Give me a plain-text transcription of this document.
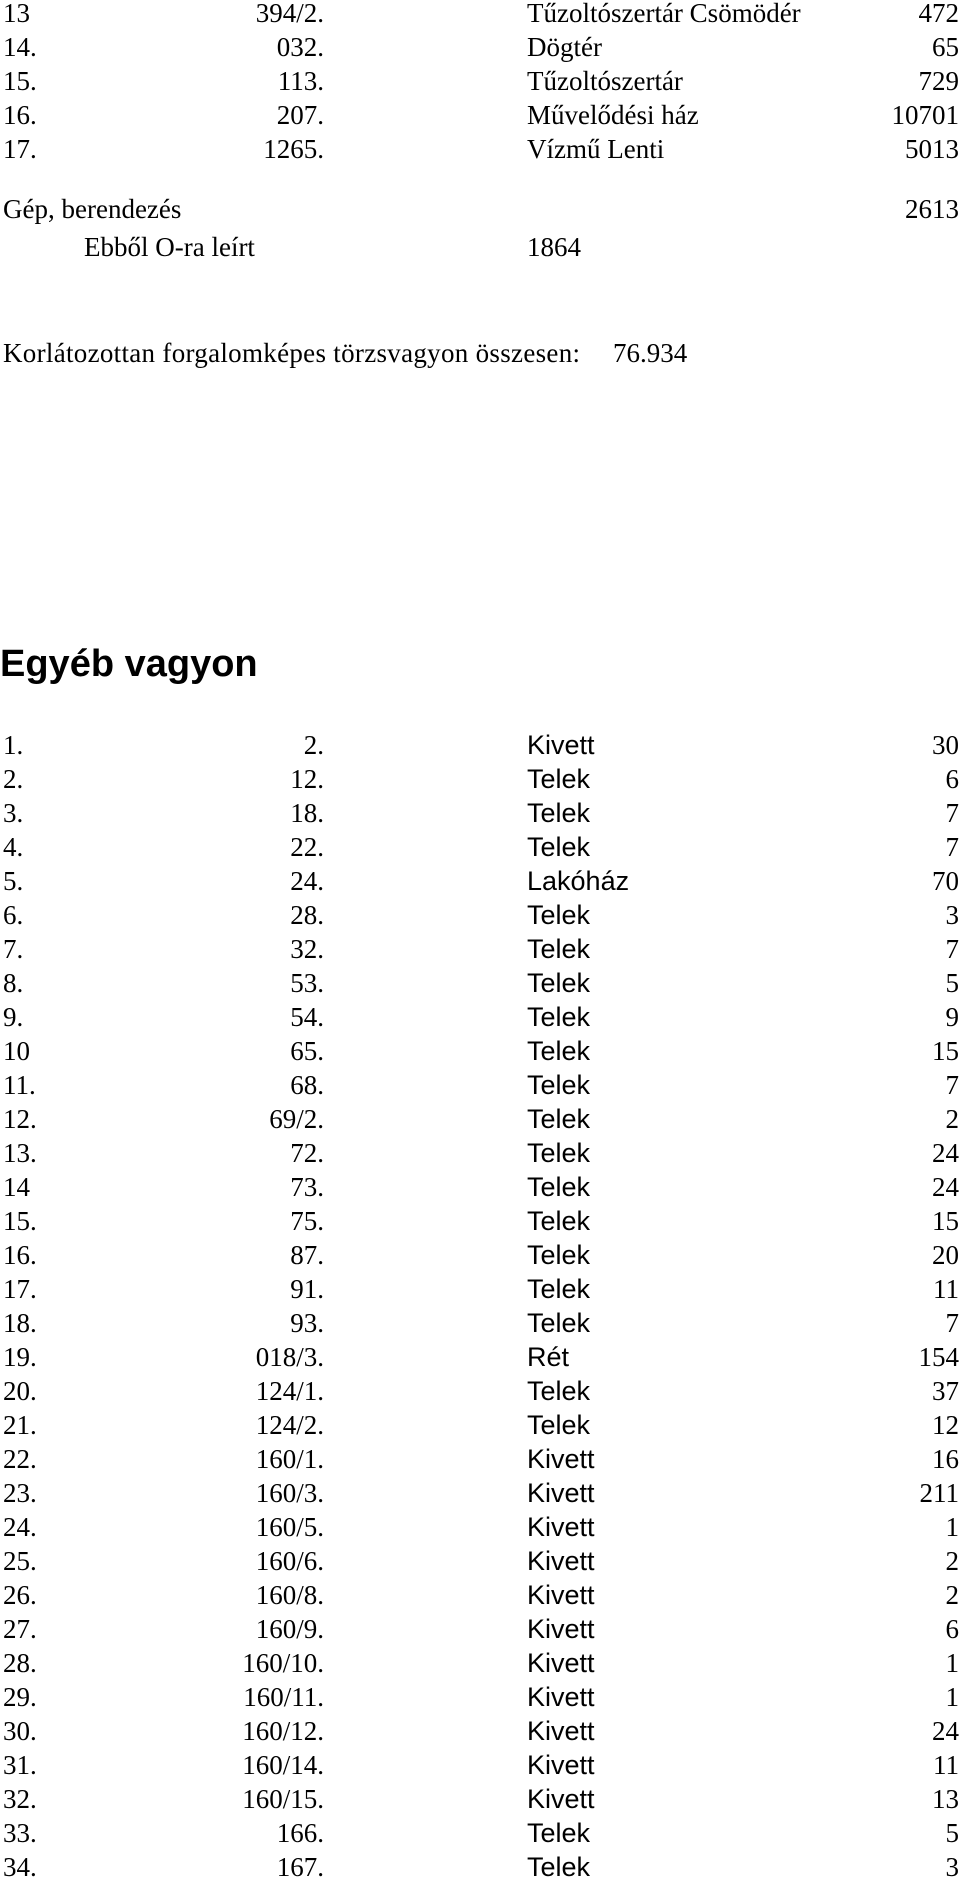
13	394/2.	Tűzoltószertár Csömödér	472
14.	032.	Dögtér	65
15.	113.	Tűzoltószertár	729
16.	207.	Művelődési ház	10701
17.	1265.	Vízmű Lenti	5013
Gép, berendezés	2613
Ebből O-ra leírt	1864
Korlátozottan forgalomképes törzsvagyon összesen: 76.934
Egyéb vagyon
1.	2.	Kivett	30
2.	12.	Telek	6
3.	18.	Telek	7
4.	22.	Telek	7
5.	24.	Lakóház	70
6.	28.	Telek	3
7.	32.	Telek	7
8.	53.	Telek	5
9.	54.	Telek	9
10	65.	Telek	15
11.	68.	Telek	7
12.	69/2.	Telek	2
13.	72.	Telek	24
14	73.	Telek	24
15.	75.	Telek	15
16.	87.	Telek	20
17.	91.	Telek	11
18.	93.	Telek	7
19.	018/3.	Rét	154
20.	124/1.	Telek	37
21.	124/2.	Telek	12
22.	160/1.	Kivett	16
23.	160/3.	Kivett	211
24.	160/5.	Kivett	1
25.	160/6.	Kivett	2
26.	160/8.	Kivett	2
27.	160/9.	Kivett	6
28.	160/10.	Kivett	1
29.	160/11.	Kivett	1
30.	160/12.	Kivett	24
31.	160/14.	Kivett	11
32.	160/15.	Kivett	13
33.	166.	Telek	5
34.	167.	Telek	3
